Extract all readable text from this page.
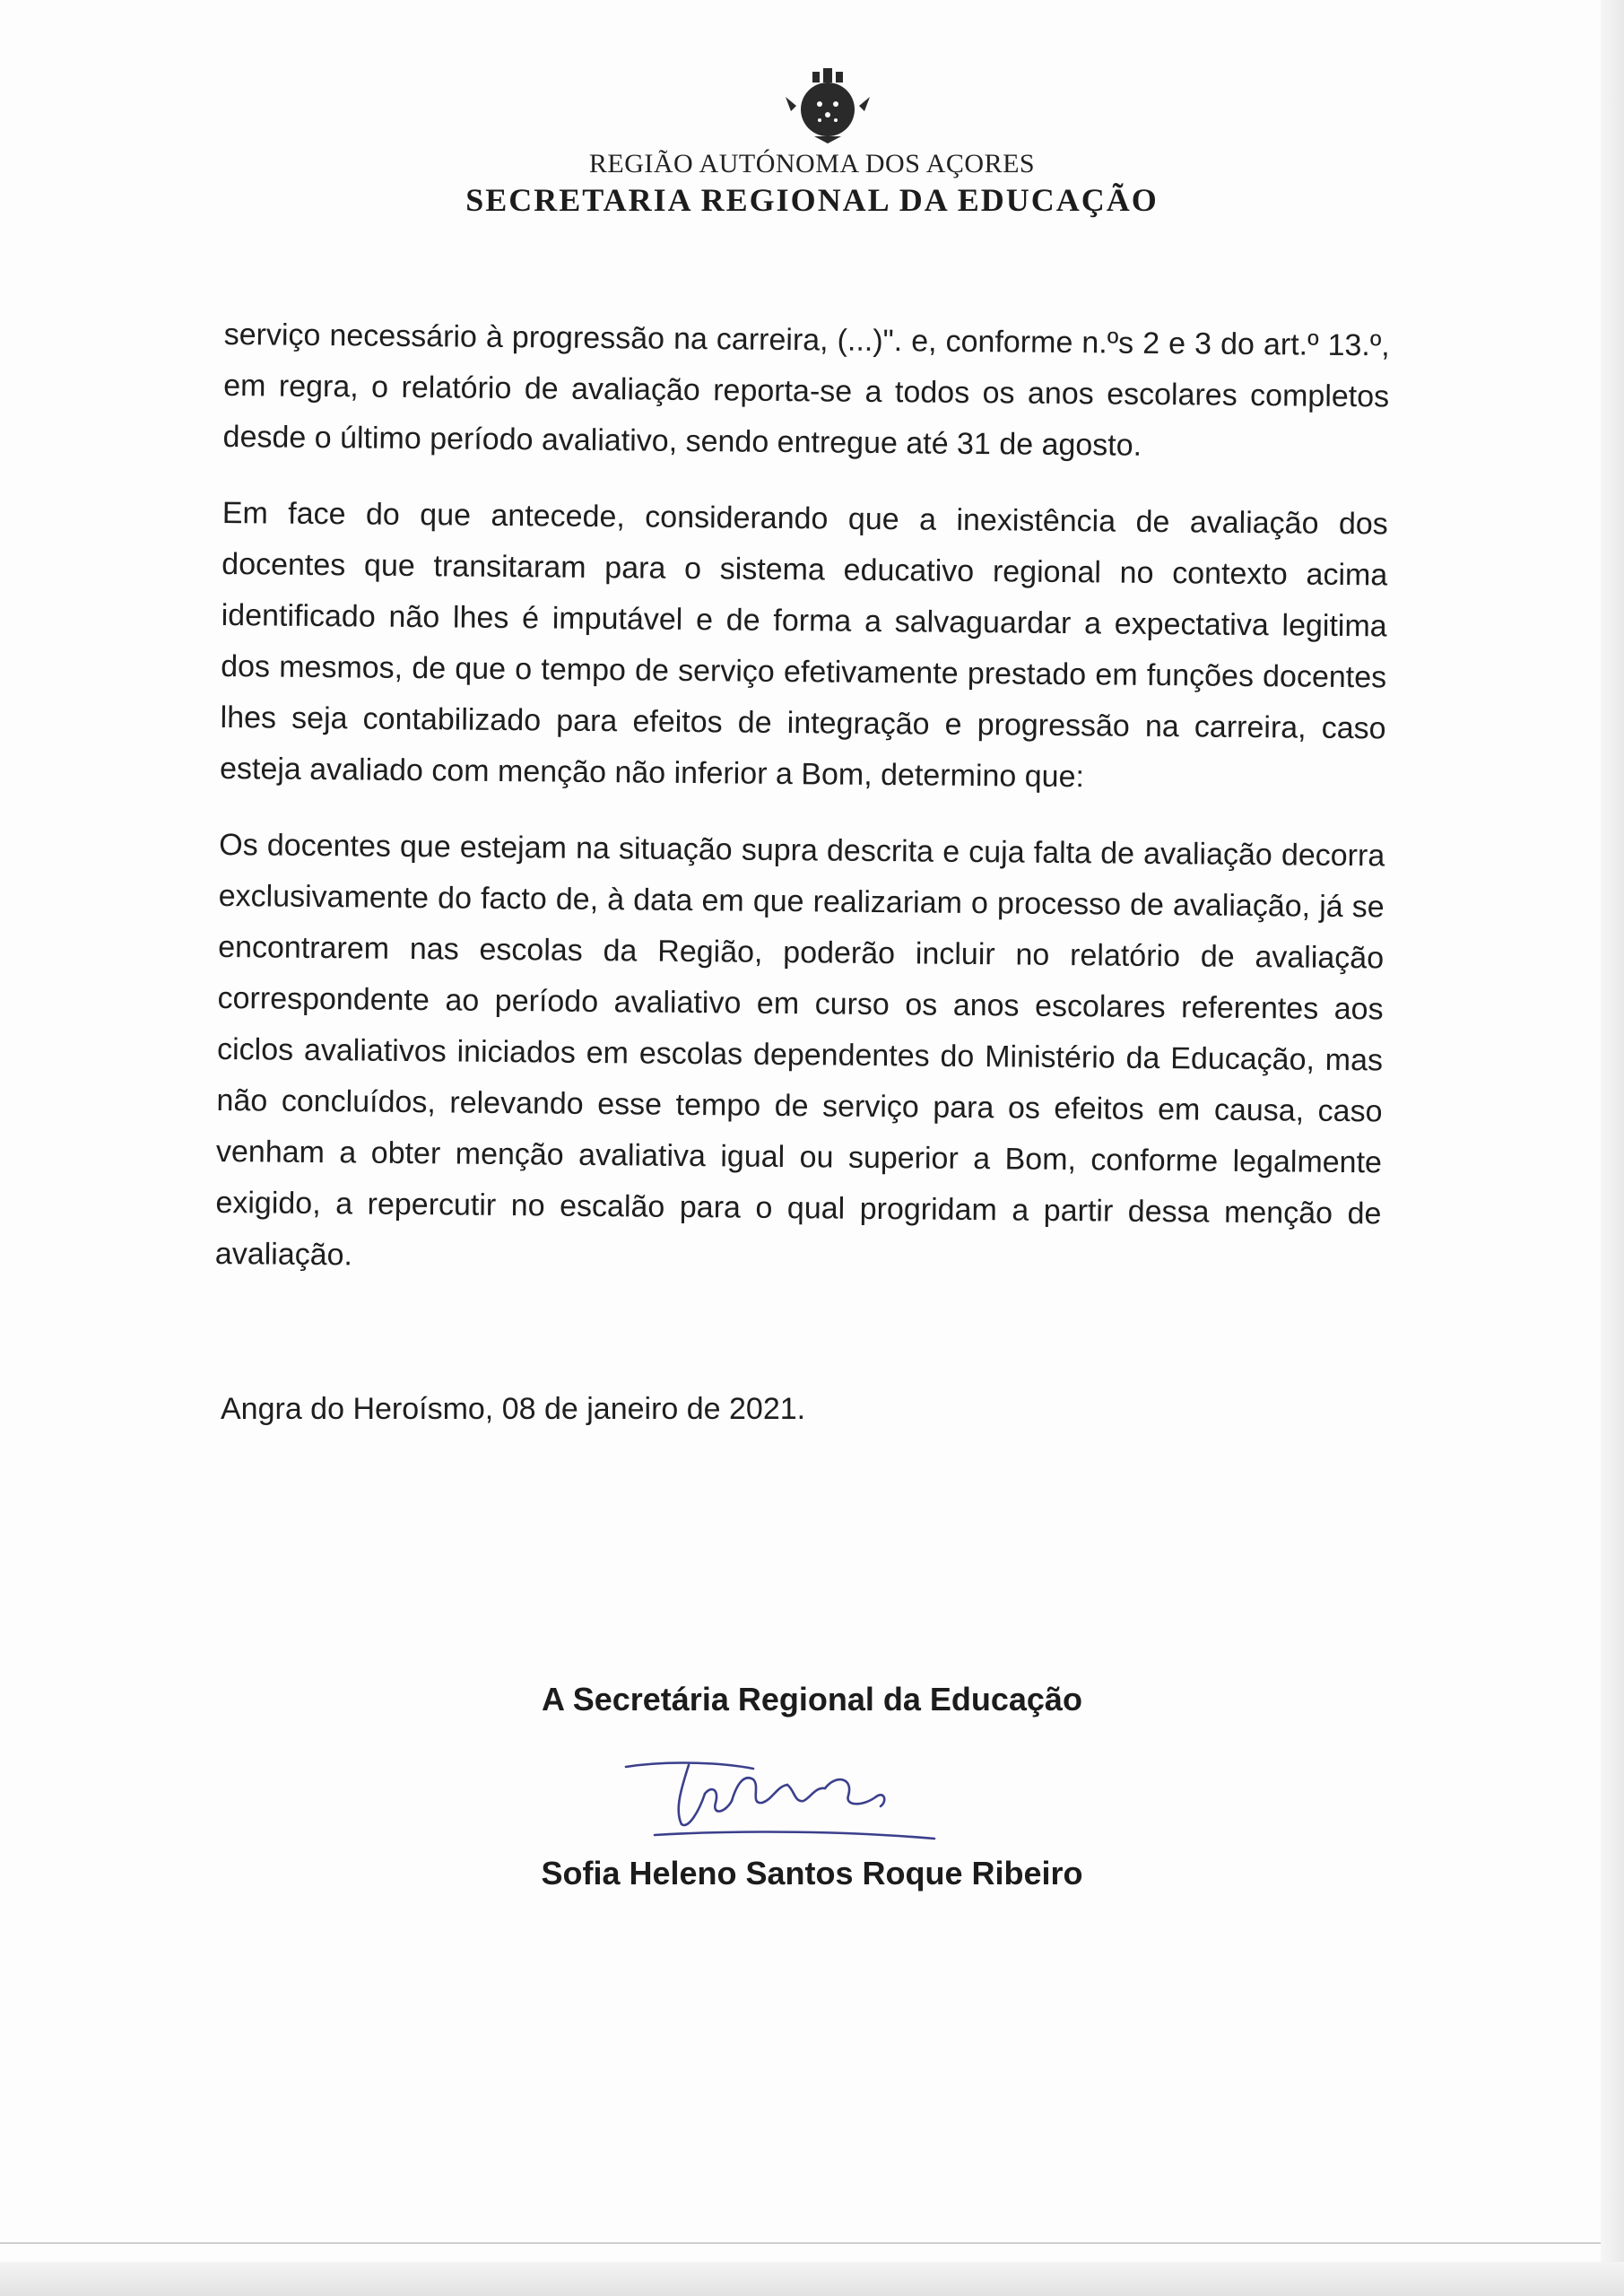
REGIÃO AUTÓNOMA DOS AÇORES
SECRETARIA REGIONAL DA EDUCAÇÃO

serviço necessário à progressão na carreira, (...)". e, conforme n.ºs 2 e 3 do art.º 13.º, em regra, o relatório de avaliação reporta-se a todos os anos escolares completos desde o último período avaliativo, sendo entregue até 31 de agosto.

Em face do que antecede, considerando que a inexistência de avaliação dos docentes que transitaram para o sistema educativo regional no contexto acima identificado não lhes é imputável e de forma a salvaguardar a expectativa legitima dos mesmos, de que o tempo de serviço efetivamente prestado em funções docentes lhes seja contabilizado para efeitos de integração e progressão na carreira, caso esteja avaliado com menção não inferior a Bom, determino que:

Os docentes que estejam na situação supra descrita e cuja falta de avaliação decorra exclusivamente do facto de, à data em que realizariam o processo de avaliação, já se encontrarem nas escolas da Região, poderão incluir no relatório de avaliação correspondente ao período avaliativo em curso os anos escolares referentes aos ciclos avaliativos iniciados em escolas dependentes do Ministério da Educação, mas não concluídos, relevando esse tempo de serviço para os efeitos em causa, caso venham a obter menção avaliativa igual ou superior a Bom, conforme legalmente exigido, a repercutir no escalão para o qual progridam a partir dessa menção de avaliação.

Angra do Heroísmo, 08 de janeiro de 2021.
A Secretária Regional da Educação
Sofia Heleno Santos Roque Ribeiro
